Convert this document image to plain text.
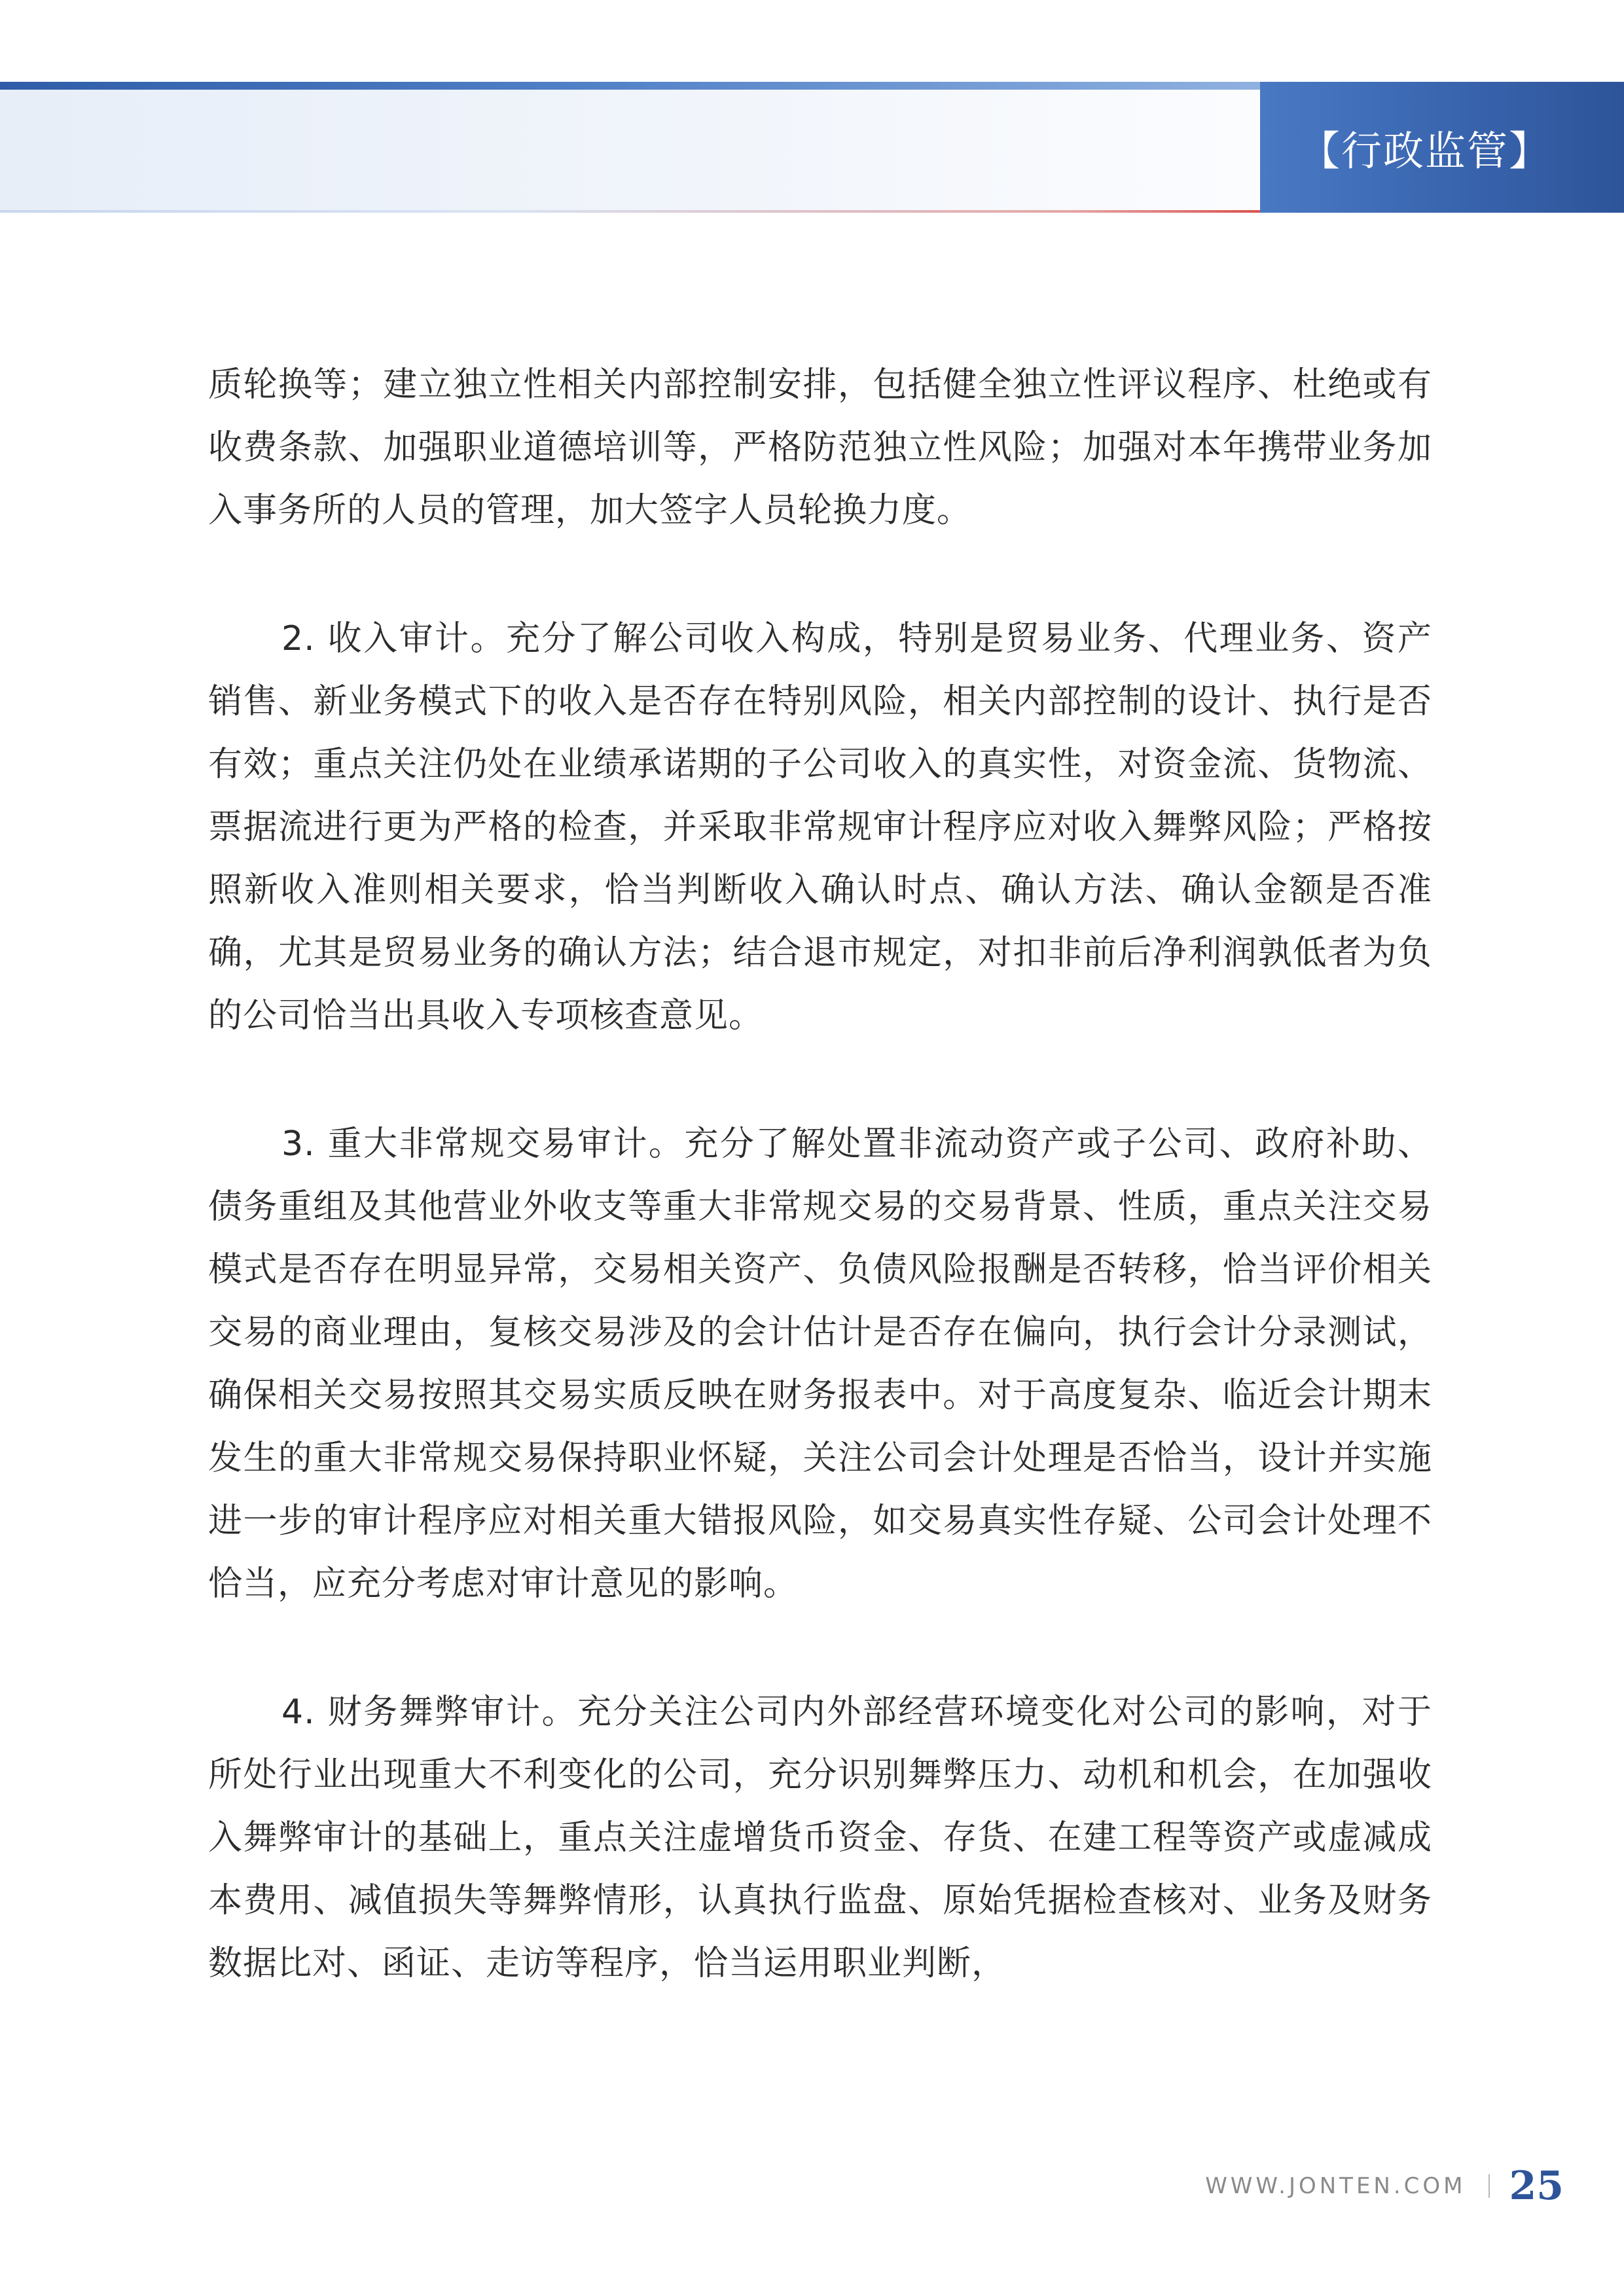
【行政监管】

质轮换等；建立独立性相关内部控制安排，包括健全独立性评议程序、杜绝或有收费条款、加强职业道德培训等，严格防范独立性风险；加强对本年携带业务加入事务所的人员的管理，加大签字人员轮换力度。

2. 收入审计。充分了解公司收入构成，特别是贸易业务、代理业务、资产销售、新业务模式下的收入是否存在特别风险，相关内部控制的设计、执行是否有效；重点关注仍处在业绩承诺期的子公司收入的真实性，对资金流、货物流、票据流进行更为严格的检查，并采取非常规审计程序应对收入舞弊风险；严格按照新收入准则相关要求，恰当判断收入确认时点、确认方法、确认金额是否准确，尤其是贸易业务的确认方法；结合退市规定，对扣非前后净利润孰低者为负的公司恰当出具收入专项核查意见。

3. 重大非常规交易审计。充分了解处置非流动资产或子公司、政府补助、债务重组及其他营业外收支等重大非常规交易的交易背景、性质，重点关注交易模式是否存在明显异常，交易相关资产、负债风险报酬是否转移，恰当评价相关交易的商业理由，复核交易涉及的会计估计是否存在偏向，执行会计分录测试，确保相关交易按照其交易实质反映在财务报表中。对于高度复杂、临近会计期末发生的重大非常规交易保持职业怀疑，关注公司会计处理是否恰当，设计并实施进一步的审计程序应对相关重大错报风险，如交易真实性存疑、公司会计处理不恰当，应充分考虑对审计意见的影响。

4. 财务舞弊审计。充分关注公司内外部经营环境变化对公司的影响，对于所处行业出现重大不利变化的公司，充分识别舞弊压力、动机和机会，在加强收入舞弊审计的基础上，重点关注虚增货币资金、存货、在建工程等资产或虚减成本费用、减值损失等舞弊情形，认真执行监盘、原始凭据检查核对、业务及财务数据比对、函证、走访等程序，恰当运用职业判断，

WWW.JONTEN.COM 25
